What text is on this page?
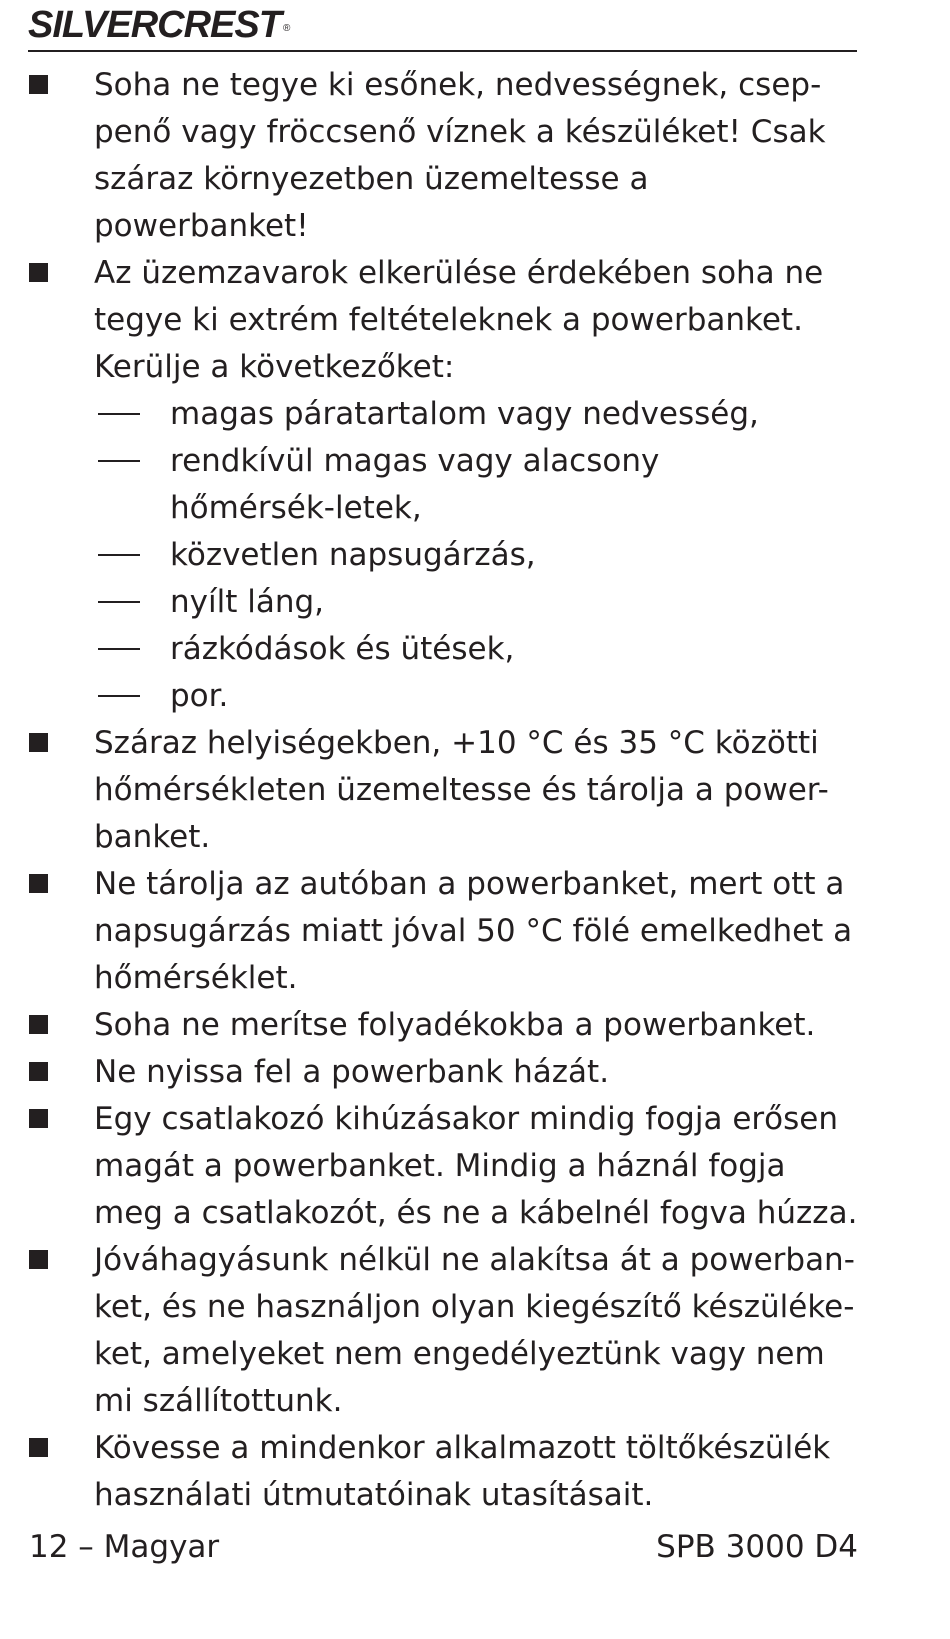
SILVERCREST ®
Soha ne tegye ki esőnek, nedvességnek, csep-penő vagy fröccsenő víznek a készüléket! Csak száraz környezetben üzemeltesse a powerbanket!
Az üzemzavarok elkerülése érdekében soha ne tegye ki extrém feltételeknek a powerbanket. Kerülje a következőket:
magas páratartalom vagy nedvesség,
rendkívül magas vagy alacsony hőmérsék-letek,
közvetlen napsugárzás,
nyílt láng,
rázkódások és ütések,
por.
Száraz helyiségekben, +10 °C és 35 °C közötti hőmérsékleten üzemeltesse és tárolja a power-banket.
Ne tárolja az autóban a powerbanket, mert ott a napsugárzás miatt jóval 50 °C fölé emelkedhet a hőmérséklet.
Soha ne merítse folyadékokba a powerbanket.
Ne nyissa fel a powerbank házát.
Egy csatlakozó kihúzásakor mindig fogja erősen magát a powerbanket. Mindig a háznál fogja meg a csatlakozót, és ne a kábelnél fogva húzza.
Jóváhagyásunk nélkül ne alakítsa át a powerban-ket, és ne használjon olyan kiegészítő készüléke-ket, amelyeket nem engedélyeztünk vagy nem mi szállítottunk.
Kövesse a mindenkor alkalmazott töltőkészülék használati útmutatóinak utasításait.
12 – Magyar	SPB 3000 D4
